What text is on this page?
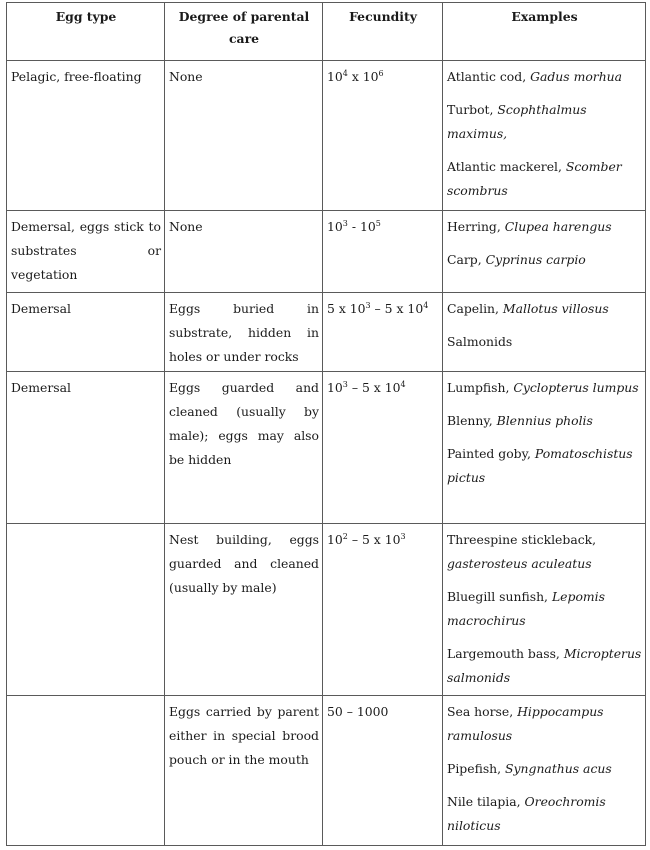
Egg type	Degree of parental care	Fecundity	Examples
Pelagic, free-floating	None	$10^4$ x $10^6$	Atlantic cod, Gadus morhua
Turbot, Scophthalmus maximus,
Atlantic mackerel, Scomber scombrus

Demersal, eggs stick to substrates or vegetation	None	$10^3 - 10^5$	Herring, Clupea harengus
Carp, Cyprinus carpio

Demersal	Eggs buried in substrate, hidden in holes or under rocks	5 x $10^3 - 5$ x $10^4$	Capelin, Mallotus villosus
Salmonids

Demersal	Eggs guarded and cleaned (usually by male); eggs may also be hidden	$10^3 - 5$ x $10^4$	Lumpfish, Cyclopterus lumpus
Blenny, Blennius pholis
Painted goby, Pomatoschistus pictus

	Nest building, eggs guarded and cleaned (usually by male)	$10^2 - 5$ x $10^3$	Threespine stickleback, gasterosteus aculeatus
Bluegill sunfish, Lepomis macrochirus
Largemouth bass, Micropterus salmonids

	Eggs carried by parent either in special brood pouch or in the mouth	50 – 1000	Sea horse, Hippocampus ramulosus
Pipefish, Syngnathus acus
Nile tilapia, Oreochromis niloticus
